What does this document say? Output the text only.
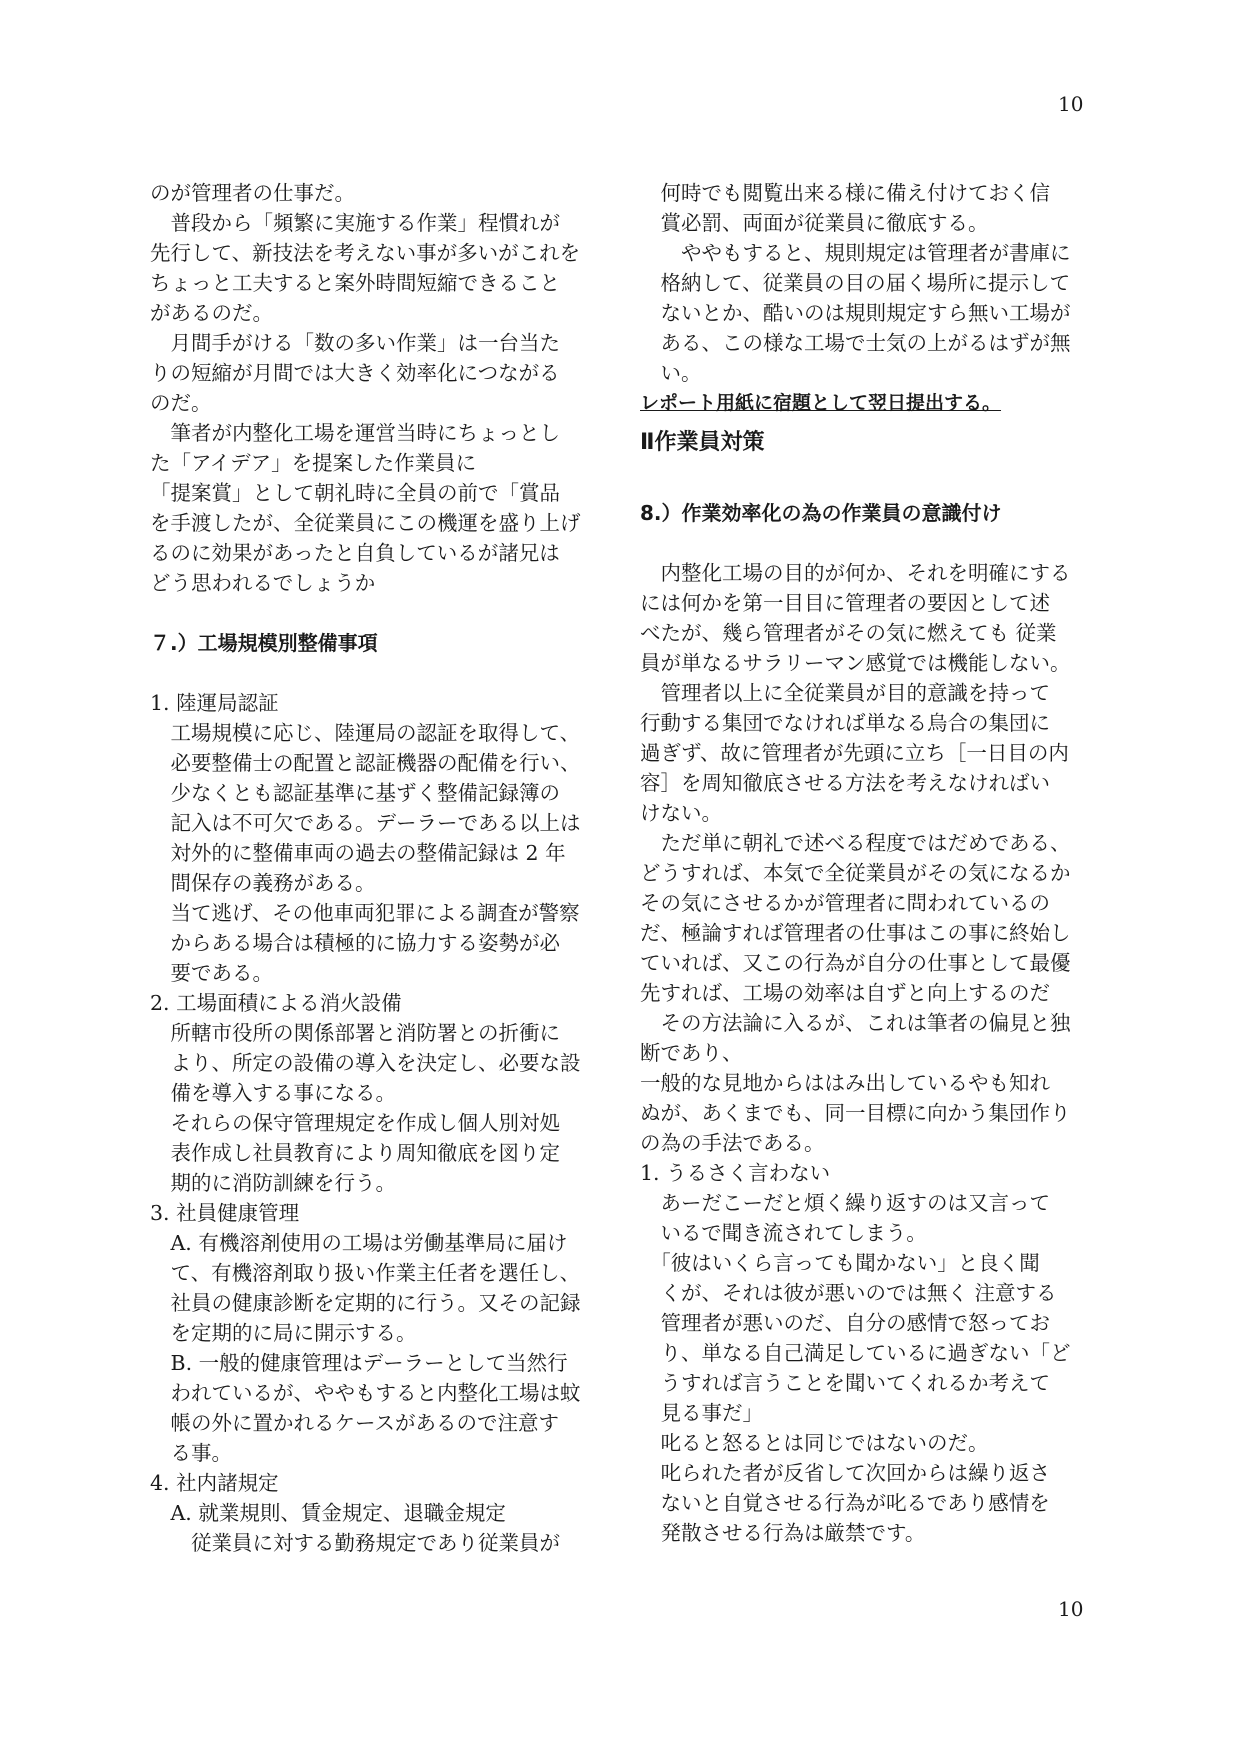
10
のが管理者の仕事だ。
　普段から「頻繁に実施する作業」程慣れが
先行して、新技法を考えない事が多いがこれを
ちょっと工夫すると案外時間短縮できること
があるのだ。
　月間手がける「数の多い作業」は一台当た
りの短縮が月間では大きく効率化につながる
のだ。
　筆者が内整化工場を運営当時にちょっとし
た「アイデア」を提案した作業員に
「提案賞」として朝礼時に全員の前で「賞品
を手渡したが、全従業員にこの機運を盛り上げ
るのに効果があったと自負しているが諸兄は
どう思われるでしょうか
７.）工場規模別整備事項
1. 陸運局認証
　工場規模に応じ、陸運局の認証を取得して、
　必要整備士の配置と認証機器の配備を行い、
　少なくとも認証基準に基ずく整備記録簿の
　記入は不可欠である。デーラーである以上は
　対外的に整備車両の過去の整備記録は 2 年
　間保存の義務がある。
　当て逃げ、その他車両犯罪による調査が警察
　からある場合は積極的に協力する姿勢が必
　要である。
2. 工場面積による消火設備
　所轄市役所の関係部署と消防署との折衝に
　より、所定の設備の導入を決定し、必要な設
　備を導入する事になる。
　それらの保守管理規定を作成し個人別対処
　表作成し社員教育により周知徹底を図り定
　期的に消防訓練を行う。
3. 社員健康管理
　A. 有機溶剤使用の工場は労働基準局に届け
　て、有機溶剤取り扱い作業主任者を選任し、
　社員の健康診断を定期的に行う。又その記録
　を定期的に局に開示する。
　B. 一般的健康管理はデーラーとして当然行
　われているが、ややもすると内整化工場は蚊
　帳の外に置かれるケースがあるので注意す
　る事。
4. 社内諸規定
　A. 就業規則、賃金規定、退職金規定
　　従業員に対する勤務規定であり従業員が
　何時でも閲覧出来る様に備え付けておく信
　賞必罰、両面が従業員に徹底する。
　　ややもすると、規則規定は管理者が書庫に
　格納して、従業員の目の届く場所に提示して
　ないとか、酷いのは規則規定すら無い工場が
　ある、この様な工場で士気の上がるはずが無
　い。
レポート用紙に宿題として翌日提出する。
Ⅱ作業員対策
8.）作業効率化の為の作業員の意識付け
　内整化工場の目的が何か、それを明確にする
には何かを第一目目に管理者の要因として述
べたが、幾ら管理者がその気に燃えても 従業
員が単なるサラリーマン感覚では機能しない。
　管理者以上に全従業員が目的意識を持って
行動する集団でなければ単なる烏合の集団に
過ぎず、故に管理者が先頭に立ち［一日目の内
容］を周知徹底させる方法を考えなければい
けない。
　ただ単に朝礼で述べる程度ではだめである、
どうすれば、本気で全従業員がその気になるか
その気にさせるかが管理者に問われているの
だ、極論すれば管理者の仕事はこの事に終始し
ていれば、又この行為が自分の仕事として最優
先すれば、工場の効率は自ずと向上するのだ
　その方法論に入るが、これは筆者の偏見と独
断であり、
一般的な見地からははみ出しているやも知れ
ぬが、あくまでも、同一目標に向かう集団作り
の為の手法である。
1. うるさく言わない
　あーだこーだと煩く繰り返すのは又言って
　いるで聞き流されてしまう。
　「彼はいくら言っても聞かない」と良く聞
　くが、それは彼が悪いのでは無く 注意する
　管理者が悪いのだ、自分の感情で怒ってお
　り、単なる自己満足しているに過ぎない「ど
　うすれば言うことを聞いてくれるか考えて
　見る事だ」
　叱ると怒るとは同じではないのだ。
　叱られた者が反省して次回からは繰り返さ
　ないと自覚させる行為が叱るであり感情を
　発散させる行為は厳禁です。
10
